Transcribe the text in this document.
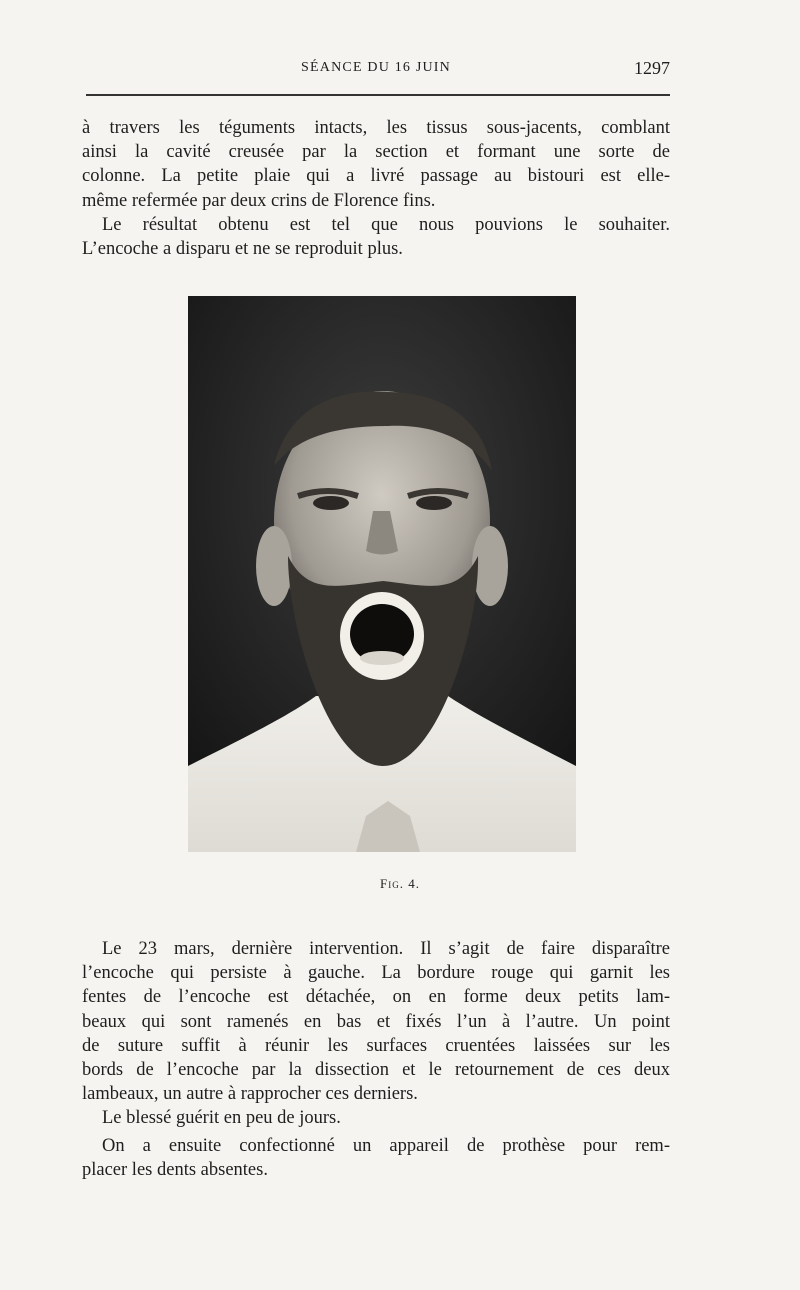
SÉANCE DU 16 JUIN	1297

à travers les téguments intacts, les tissus sous-jacents, comblant
ainsi la cavité creusée par la section et formant une sorte de
colonne. La petite plaie qui a livré passage au bistouri est elle-
même refermée par deux crins de Florence fins.

Le résultat obtenu est tel que nous pouvions le souhaiter.
L’encoche a disparu et ne se reproduit plus.

Fig. 4.

Le 23 mars, dernière intervention. Il s’agit de faire disparaître
l’encoche qui persiste à gauche. La bordure rouge qui garnit les
fentes de l’encoche est détachée, on en forme deux petits lam-
beaux qui sont ramenés en bas et fixés l’un à l’autre. Un point
de suture suffit à réunir les surfaces cruentées laissées sur les
bords de l’encoche par la dissection et le retournement de ces deux
lambeaux, un autre à rapprocher ces derniers.

Le blessé guérit en peu de jours.

On a ensuite confectionné un appareil de prothèse pour rem-
placer les dents absentes.
